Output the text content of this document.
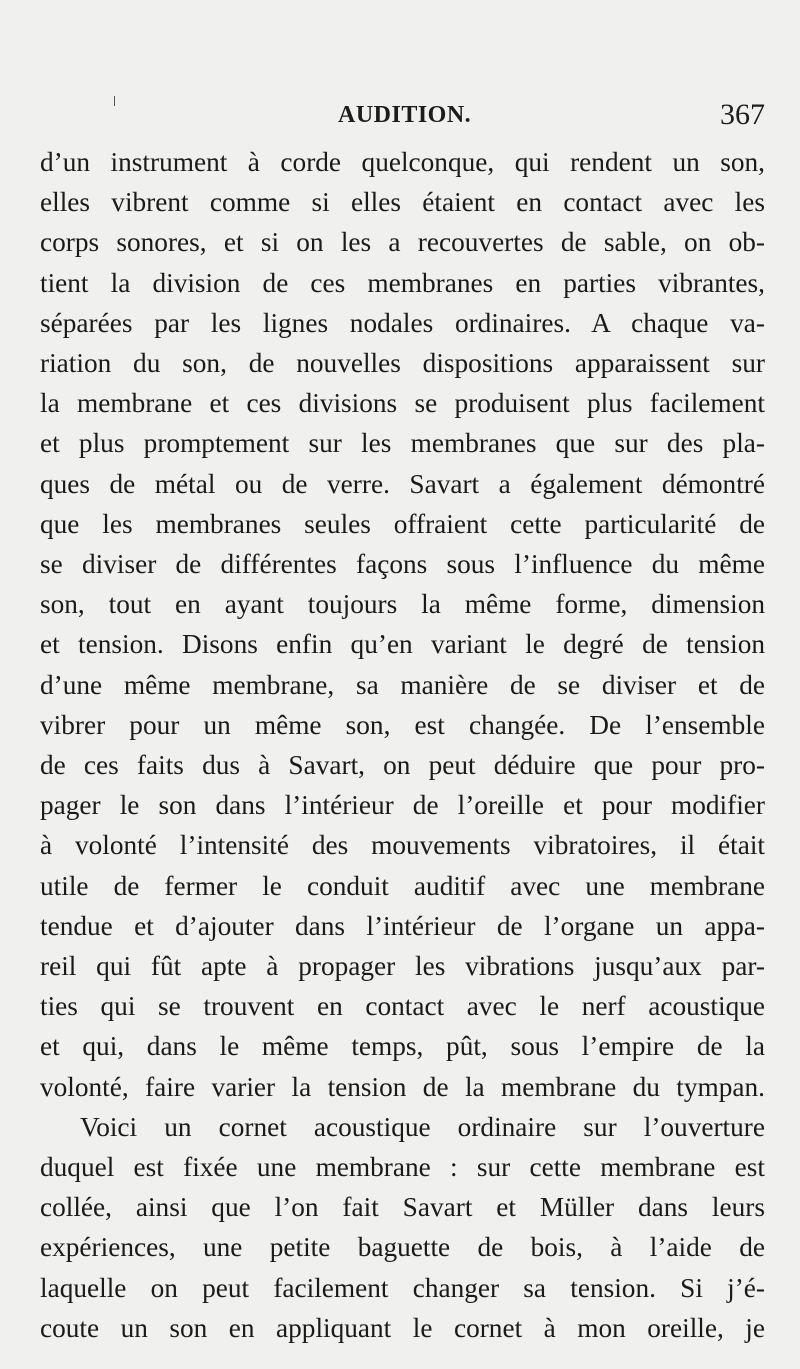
AUDITION.	367
d’un instrument à corde quelconque, qui rendent un son,
elles vibrent comme si elles étaient en contact avec les
corps sonores, et si on les a recouvertes de sable, on ob-
tient la division de ces membranes en parties vibrantes,
séparées par les lignes nodales ordinaires. A chaque va-
riation du son, de nouvelles dispositions apparaissent sur
la membrane et ces divisions se produisent plus facilement
et plus promptement sur les membranes que sur des pla-
ques de métal ou de verre. Savart a également démontré
que les membranes seules offraient cette particularité de
se diviser de différentes façons sous l’influence du même
son, tout en ayant toujours la même forme, dimension
et tension. Disons enfin qu’en variant le degré de tension
d’une même membrane, sa manière de se diviser et de
vibrer pour un même son, est changée. De l’ensemble
de ces faits dus à Savart, on peut déduire que pour pro-
pager le son dans l’intérieur de l’oreille et pour modifier
à volonté l’intensité des mouvements vibratoires, il était
utile de fermer le conduit auditif avec une membrane
tendue et d’ajouter dans l’intérieur de l’organe un appa-
reil qui fût apte à propager les vibrations jusqu’aux par-
ties qui se trouvent en contact avec le nerf acoustique
et qui, dans le même temps, pût, sous l’empire de la
volonté, faire varier la tension de la membrane du tympan.
Voici un cornet acoustique ordinaire sur l’ouverture
duquel est fixée une membrane : sur cette membrane est
collée, ainsi que l’on fait Savart et Müller dans leurs
expériences, une petite baguette de bois, à l’aide de
laquelle on peut facilement changer sa tension. Si j’é-
coute un son en appliquant le cornet à mon oreille, je
